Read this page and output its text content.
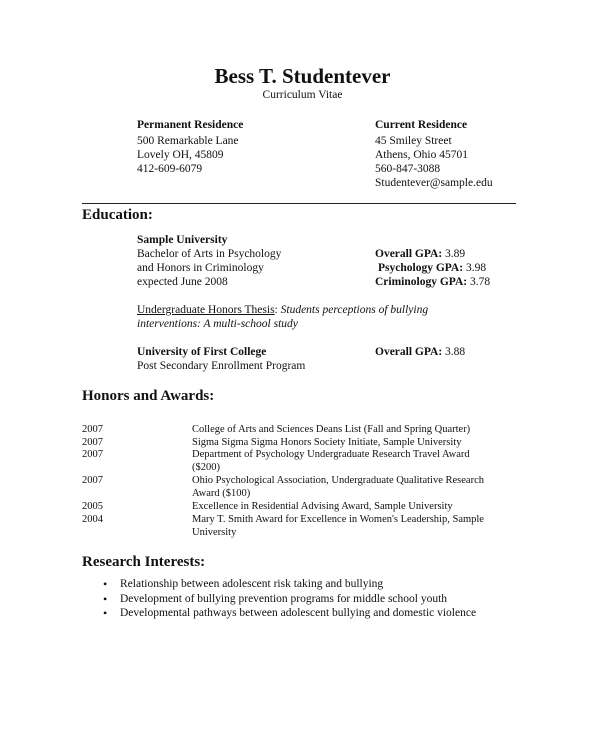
Bess T. Studentever
Curriculum Vitae
Permanent Residence
500 Remarkable Lane
Lovely OH, 45809
412-609-6079
Current Residence
45 Smiley Street
Athens, Ohio 45701
560-847-3088
Studentever@sample.edu
Education:
Sample University
Bachelor of Arts in Psychology
and Honors in Criminology
expected June 2008
Overall GPA: 3.89
Psychology GPA: 3.98
Criminology GPA: 3.78
Undergraduate Honors Thesis: Students perceptions of bullying
interventions: A multi-school study
University of First College
Post Secondary Enrollment Program
Overall GPA: 3.88
Honors and Awards:
2007	College of Arts and Sciences Deans List (Fall and Spring Quarter)
2007	Sigma Sigma Sigma Honors Society Initiate, Sample University
2007	Department of Psychology Undergraduate Research Travel Award
($200)
2007	Ohio Psychological Association, Undergraduate Qualitative Research
Award ($100)
2005	Excellence in Residential Advising Award, Sample University
2004	Mary T. Smith Award for Excellence in Women's Leadership, Sample
University
Research Interests:
• Relationship between adolescent risk taking and bullying
• Development of bullying prevention programs for middle school youth
• Developmental pathways between adolescent bullying and domestic violence
